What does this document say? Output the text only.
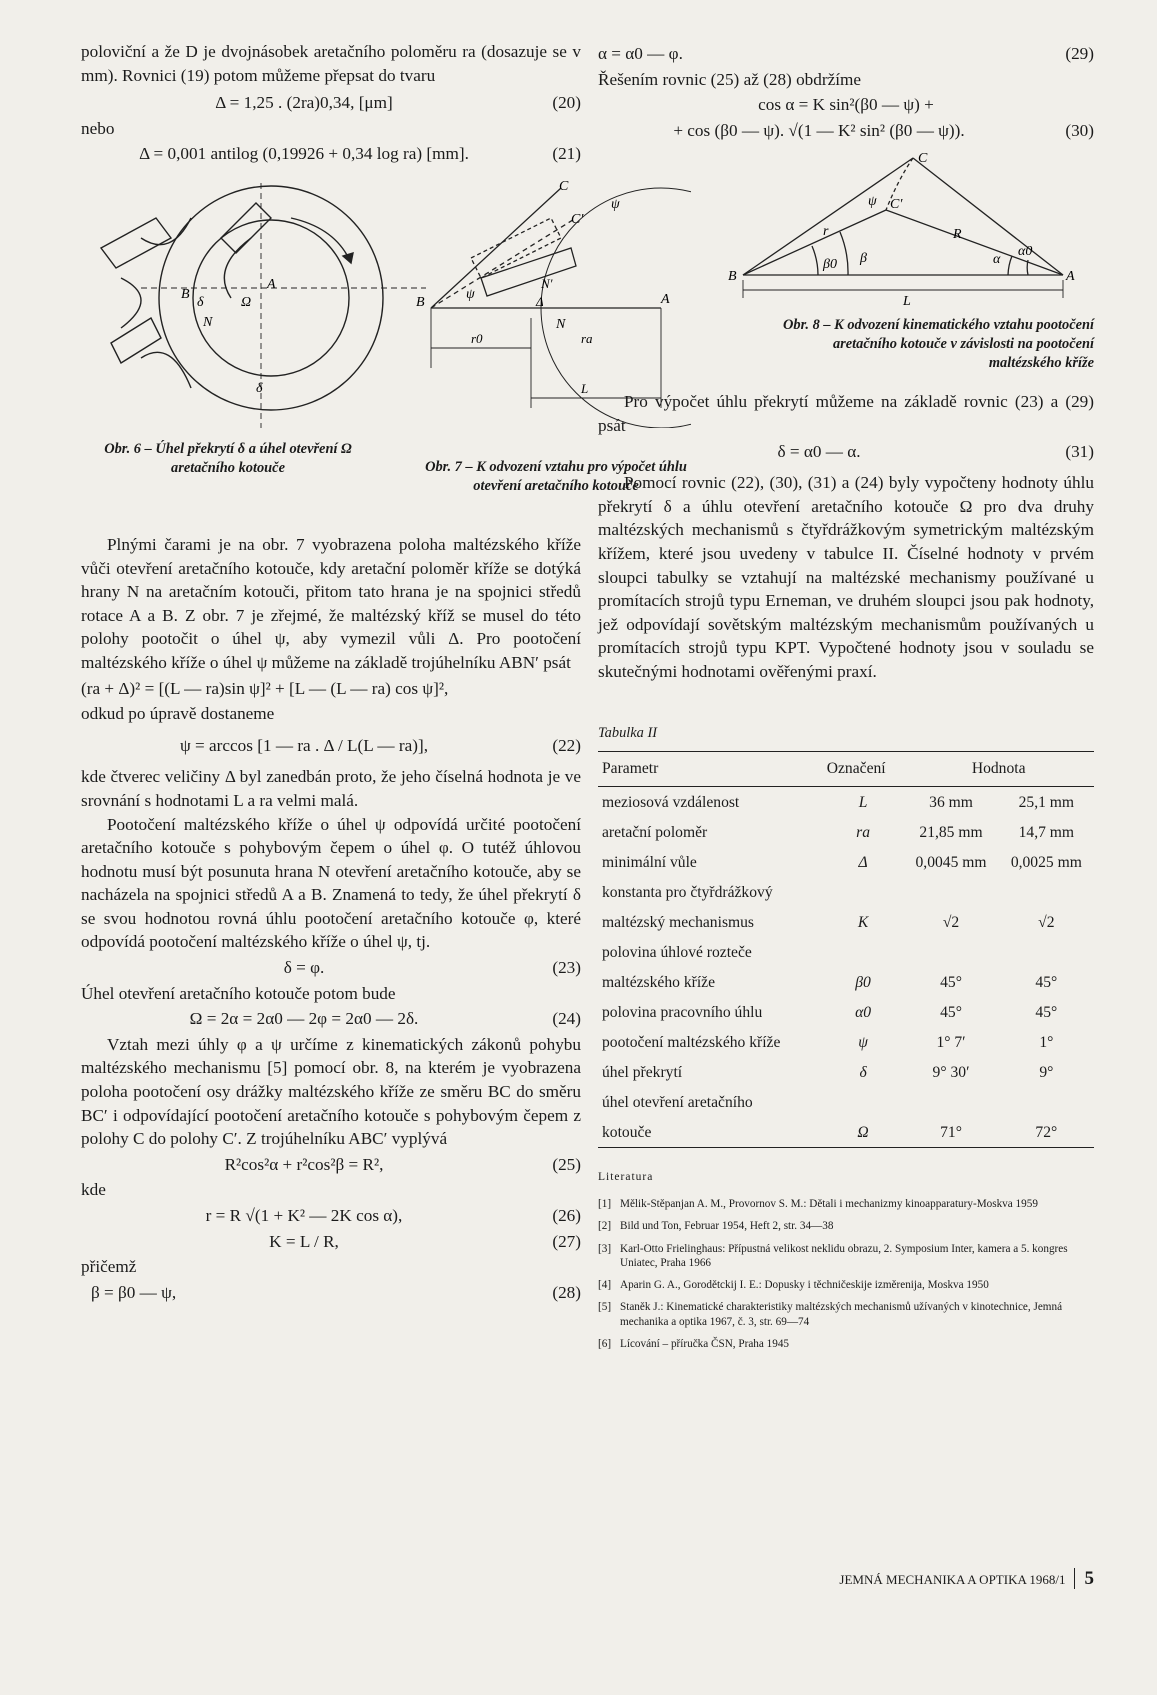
poloviční a že D je dvojnásobek aretačního poloměru ra (dosazuje se v mm). Rovnici (19) potom můžeme přepsat do tvaru

Δ = 1,25 . (2ra)0,34, [μm]	(20)

nebo

Δ = 0,001 antilog (0,19926 + 0,34 log ra) [mm].	(21)
B
A
δ	Ω
N
δ
B	A
C
C′
ψ
ψ
N′
N
Δ
ra
r0
L
Obr. 6 – Úhel překrytí δ a úhel otevření Ω aretačního kotouče	Obr. 7 – K odvození vztahu pro výpočet úhlu otevření aretačního kotouče

Plnými čarami je na obr. 7 vyobrazena poloha maltézského kříže vůči otevření aretačního kotouče, kdy aretační poloměr kříže se dotýká hrany N na aretačním kotouči, přitom tato hrana je na spojnici středů rotace A a B. Z obr. 7 je zřejmé, že maltézský kříž se musel do této polohy pootočit o úhel ψ, aby vymezil vůli Δ. Pro pootočení maltézského kříže o úhel ψ můžeme na základě trojúhelníku ABN′ psát

(ra + Δ)² = [(L — ra)sin ψ]² + [L — (L — ra) cos ψ]²,

odkud po úpravě dostaneme

ψ = arccos [1 — ra . Δ / L(L — ra)],	(22)

kde čtverec veličiny Δ byl zanedbán proto, že jeho číselná hodnota je ve srovnání s hodnotami L a ra velmi malá.

Pootočení maltézského kříže o úhel ψ odpovídá určité pootočení aretačního kotouče s pohybovým čepem o úhel φ. O tutéž úhlovou hodnotu musí být posunuta hrana N otevření aretačního kotouče, aby se nacházela na spojnici středů A a B. Znamená to tedy, že úhel překrytí δ se svou hodnotou rovná úhlu pootočení aretačního kotouče φ, které odpovídá pootočení maltézského kříže o úhel ψ, tj.

δ = φ.	(23)

Úhel otevření aretačního kotouče potom bude

Ω = 2α = 2α0 — 2φ = 2α0 — 2δ.	(24)

Vztah mezi úhly φ a ψ určíme z kinematických zákonů pohybu maltézského mechanismu [5] pomocí obr. 8, na kterém je vyobrazena poloha pootočení osy drážky maltézského kříže ze směru BC do směru BC′ i odpovídající pootočení aretačního kotouče s pohybovým čepem z polohy C do polohy C′. Z trojúhelníku ABC′ vyplývá

R²cos²α + r²cos²β = R²,	(25)

kde

r = R √(1 + K² — 2K cos α),	(26)
K = L / R,	(27)

přičemž

β = β0 — ψ,	(28)
α = α0 — φ.	(29)

Řešením rovnic (25) až (28) obdržíme

cos α = K sin²(β0 — ψ) +
+ cos (β0 — ψ). √(1 — K² sin² (β0 — ψ)).	(30)
C
C′
ψ
r	R
β
β0	α
α0
B	A
L
Obr. 8 – K odvození kinematického vztahu pootočení aretačního kotouče v závislosti na pootočení maltézského kříže

Pro výpočet úhlu překrytí můžeme na základě rovnic (23) a (29) psát

δ = α0 — α.	(31)

Pomocí rovnic (22), (30), (31) a (24) byly vypočteny hodnoty úhlu překrytí δ a úhlu otevření aretačního kotouče Ω pro dva druhy maltézských mechanismů s čtyřdrážkovým symetrickým maltézským křížem, které jsou uvedeny v tabulce II. Číselné hodnoty v prvém sloupci tabulky se vztahují na maltézské mechanismy používané u promítacích strojů typu Erneman, ve druhém sloupci jsou pak hodnoty, jež odpovídají sovětským maltézským mechanismům používaných u promítacích strojů typu KPT. Vypočtené hodnoty jsou v souladu se skutečnými hodnotami ověřenými praxí.

Tabulka II
Parametr	Označení	Hodnota	
meziosová vzdálenost	L	36 mm	25,1 mm
aretační poloměr	ra	21,85 mm	14,7 mm
minimální vůle	Δ	0,0045 mm	0,0025 mm
konstanta pro čtyřdrážkový			
maltézský mechanismus	K	√2	√2
polovina úhlové rozteče			
maltézského kříže	β0	45°	45°
polovina pracovního úhlu	α0	45°	45°
pootočení maltézského kříže	ψ	1° 7′	1°
úhel překrytí	δ	9° 30′	9°
úhel otevření aretačního			
kotouče	Ω	71°	72°
Literatura
[1] Mělik-Stěpanjan A. M., Provornov S. M.: Dětali i mechanizmy kinoapparatury-Moskva 1959
[2] Bild und Ton, Februar 1954, Heft 2, str. 34—38
[3] Karl-Otto Frielinghaus: Přípustná velikost neklidu obrazu, 2. Symposium Inter, kamera a 5. kongres Uniatec, Praha 1966
[4] Aparin G. A., Gorodětckij I. E.: Dopusky i těchničeskije izměrenija, Moskva 1950
[5] Staněk J.: Kinematické charakteristiky maltézských mechanismů užívaných v kinotechnice, Jemná mechanika a optika 1967, č. 3, str. 69—74
[6] Lícování – příručka ČSN, Praha 1945
JEMNÁ MECHANIKA A OPTIKA 1968/1 5
